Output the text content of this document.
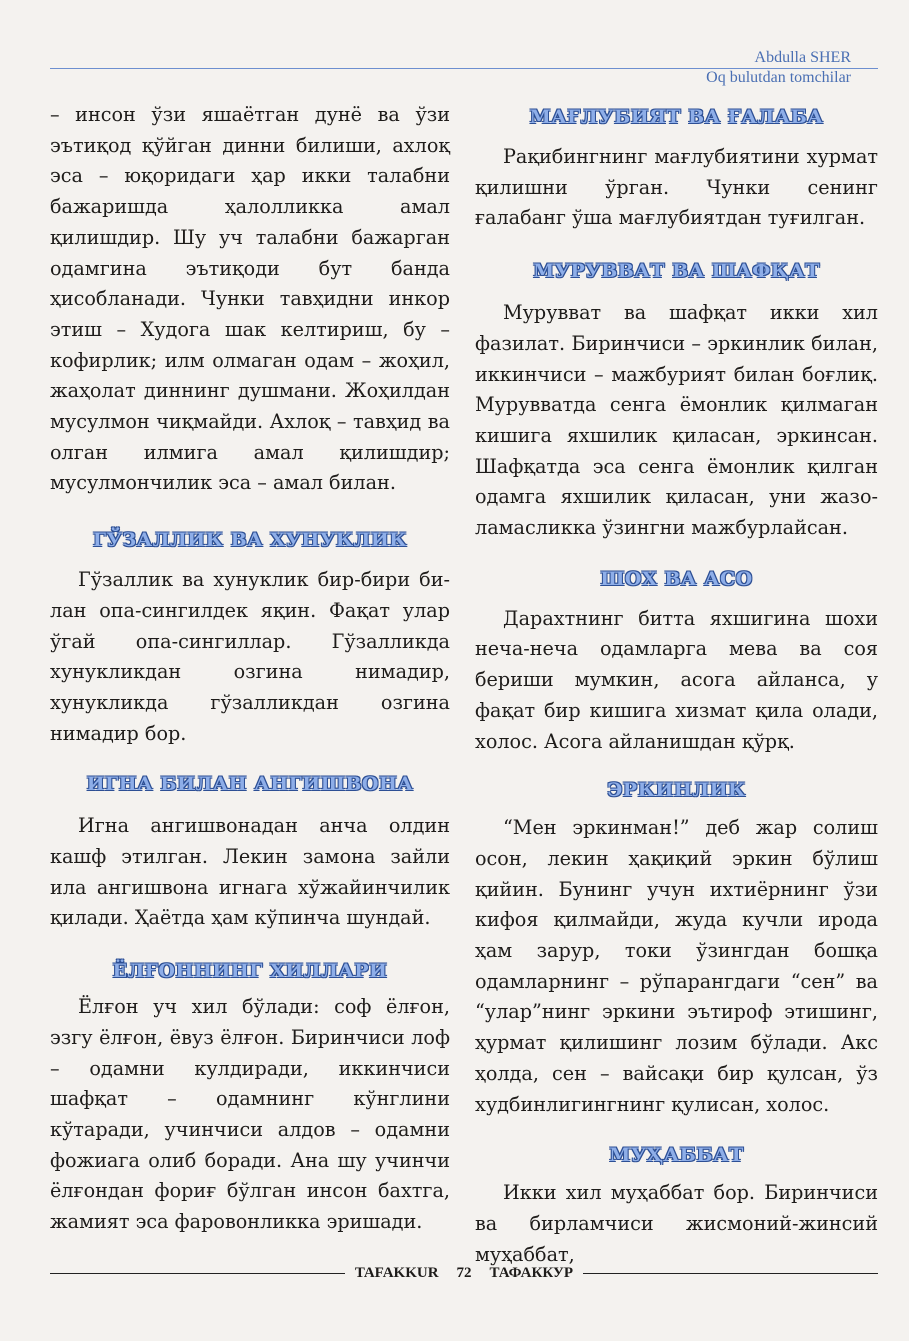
Abdulla SHER
Oq bulutdan tomchilar

– инсон ўзи яшаётган дунё ва ўзи эътиқод қўйган динни билиши, ахлоқ эса – юқоридаги ҳар икки талабни бажаришда ҳалолликка амал қилишдир. Шу уч талабни бажарган одамгина эътиқоди бут банда ҳисобланади. Чунки тавҳидни инкор этиш – Худога шак келтириш, бу – кофирлик; илм олмаган одам – жоҳил, жаҳолат диннинг душмани. Жоҳилдан мусулмон чиқмайди. Ахлоқ – тавҳид ва олган илмига амал қилишдир; мусулмончилик эса – амал билан.

ГЎЗАЛЛИК ВА ХУНУКЛИК

Гўзаллик ва хунуклик бир-бири билан опа-сингилдек яқин. Фақат улар ўгай опа-сингиллар. Гўзалликда хунукликдан озгина нимадир, хунукликда гўзалликдан озгина нимадир бор.

ИГНА БИЛАН АНГИШВОНА

Игна ангишвонадан анча олдин кашф этилган. Лекин замона зайли ила ангишвона игнага хўжайинчилик қилади. Ҳаётда ҳам кўпинча шундай.

ЁЛҒОННИНГ ХИЛЛАРИ

Ёлғон уч хил бўлади: соф ёлғон, эзгу ёлғон, ёвуз ёлғон. Биринчиси лоф – одамни кулдиради, иккинчиси шафқат – одамнинг кўнглини кўтаради, учинчиси алдов – одамни фожиага олиб боради. Ана шу учинчи ёлғондан фориғ бўлган инсон бахтга, жамият эса фаровонликка эришади.

МАҒЛУБИЯТ ВА ҒАЛАБА

Рақибингнинг мағлубиятини хурмат қилишни ўрган. Чунки сенинг ғалабанг ўша мағлубиятдан туғилган.

МУРУВВАТ ВА ШАФҚАТ

Мурувват ва шафқат икки хил фазилат. Биринчиси – эркинлик билан, иккинчиси – мажбурият билан боғлиқ. Мурувватда сенга ёмонлик қилмаган кишига яхшилик қиласан, эркинсан. Шафқатда эса сенга ёмонлик қилган одамга яхшилик қиласан, уни жазоламасликка ўзингни мажбурлайсан.

ШОХ ВА АСО

Дарахтнинг битта яхшигина шохи неча-неча одамларга мева ва соя бериши мумкин, асога айланса, у фақат бир кишига хизмат қила олади, холос. Асога айланишдан қўрқ.

ЭРКИНЛИК

“Мен эркинман!” деб жар солиш осон, лекин ҳақиқий эркин бўлиш қийин. Бунинг учун ихтиёрнинг ўзи кифоя қилмайди, жуда кучли ирода ҳам зарур, токи ўзингдан бошқа одамларнинг – рўпарангдаги “сен” ва “улар”нинг эркини эътироф этишинг, ҳурмат қилишинг лозим бўлади. Акс ҳолда, сен – вайсақи бир қулсан, ўз худбинлигингнинг қулисан, холос.

МУҲАББАТ

Икки хил муҳаббат бор. Биринчиси ва бирламчиси жисмоний-жинсий муҳаббат,

TAFAKKUR	72	ТАФАККУР
